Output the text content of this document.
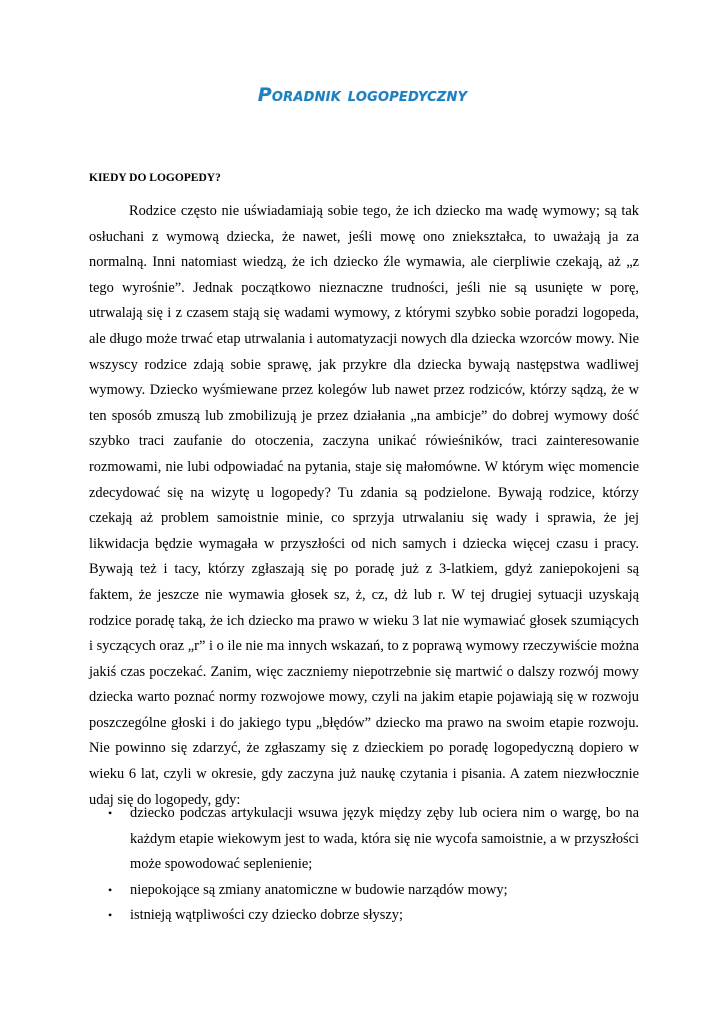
Poradnik logopedyczny
KIEDY DO LOGOPEDY?

Rodzice często nie uświadamiają sobie tego, że ich dziecko ma wadę wymowy; są tak osłuchani z wymową dziecka, że nawet, jeśli mowę ono zniekształca, to uważają ja za normalną. Inni natomiast wiedzą, że ich dziecko źle wymawia, ale cierpliwie czekają, aż „z tego wyrośnie”. Jednak początkowo nieznaczne trudności, jeśli nie są usunięte w porę, utrwalają się i z czasem stają się wadami wymowy, z którymi szybko sobie poradzi logopeda, ale długo może trwać etap utrwalania i automatyzacji nowych dla dziecka wzorców mowy. Nie wszyscy rodzice zdają sobie sprawę, jak przykre dla dziecka bywają następstwa wadliwej wymowy. Dziecko wyśmiewane przez kolegów lub nawet przez rodziców, którzy sądzą, że w ten sposób zmuszą lub zmobilizują je przez działania „na ambicje” do dobrej wymowy dość szybko traci zaufanie do otoczenia, zaczyna unikać rówieśników, traci zainteresowanie rozmowami, nie lubi odpowiadać na pytania, staje się małomówne. W którym więc momencie zdecydować się na wizytę u logopedy? Tu zdania są podzielone. Bywają rodzice, którzy czekają aż problem samoistnie minie, co sprzyja utrwalaniu się wady i sprawia, że jej likwidacja będzie wymagała w przyszłości od nich samych i dziecka więcej czasu i pracy. Bywają też i tacy, którzy zgłaszają się po poradę już z 3-latkiem, gdyż zaniepokojeni są faktem, że jeszcze nie wymawia głosek sz, ż, cz, dż lub r. W tej drugiej sytuacji uzyskają rodzice poradę taką, że ich dziecko ma prawo w wieku 3 lat nie wymawiać głosek szumiących i syczących oraz „r” i o ile nie ma innych wskazań, to z poprawą wymowy rzeczywiście można jakiś czas poczekać. Zanim, więc zaczniemy niepotrzebnie się martwić o dalszy rozwój mowy dziecka warto poznać normy rozwojowe mowy, czyli na jakim etapie pojawiają się w rozwoju poszczególne głoski i do jakiego typu „błędów” dziecko ma prawo na swoim etapie rozwoju. Nie powinno się zdarzyć, że zgłaszamy się z dzieckiem po poradę logopedyczną dopiero w wieku 6 lat, czyli w okresie, gdy zaczyna już naukę czytania i pisania. A zatem niezwłocznie udaj się do logopedy, gdy:

• dziecko podczas artykulacji wsuwa język między zęby lub ociera nim o wargę, bo na każdym etapie wiekowym jest to wada, która się nie wycofa samoistnie, a w przyszłości może spowodować seplenienie;
• niepokojące są zmiany anatomiczne w budowie narządów mowy;
• istnieją wątpliwości czy dziecko dobrze słyszy;
